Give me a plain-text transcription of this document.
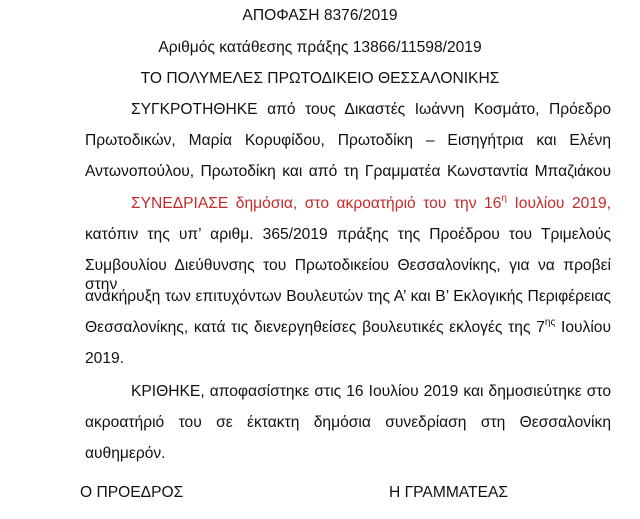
ΑΠΟΦΑΣΗ 8376/2019
Αριθμός κατάθεσης πράξης 13866/11598/2019
ΤΟ ΠΟΛΥΜΕΛΕΣ ΠΡΩΤΟΔΙΚΕΙΟ ΘΕΣΣΑΛΟΝΙΚΗΣ
ΣΥΓΚΡΟΤΗΘΗΚΕ από τους Δικαστές Ιωάννη Κοσμάτο, Πρόεδρο
Πρωτοδικών, Μαρία Κορυφίδου, Πρωτοδίκη – Εισηγήτρια και Ελένη
Αντωνοπούλου, Πρωτοδίκη και από τη Γραμματέα Κωνσταντία Μπαζιάκου
ΣΥΝΕΔΡΙΑΣΕ δημόσια, στο ακροατήριό του την $16^\eta$ Ιουλίου 2019,
κατόπιν της υπ’ αριθμ. 365/2019 πράξης της Προέδρου του Τριμελούς
Συμβουλίου Διεύθυνσης του Πρωτοδικείου Θεσσαλονίκης, για να προβεί στην
ανακήρυξη των επιτυχόντων Βουλευτών της Α’ και Β’ Εκλογικής Περιφέρειας
Θεσσαλονίκης, κατά τις διενεργηθείσες βουλευτικές εκλογές της $7^{\eta\varsigma}$ Ιουλίου
2019.
ΚΡΙΘΗΚΕ, αποφασίστηκε στις 16 Ιουλίου 2019 και δημοσιεύτηκε στο
ακροατήριό του σε έκτακτη δημόσια συνεδρίαση στη Θεσσαλονίκη
αυθημερόν.
Ο ΠΡΟΕΔΡΟΣ	Η ΓΡΑΜΜΑΤΕΑΣ
